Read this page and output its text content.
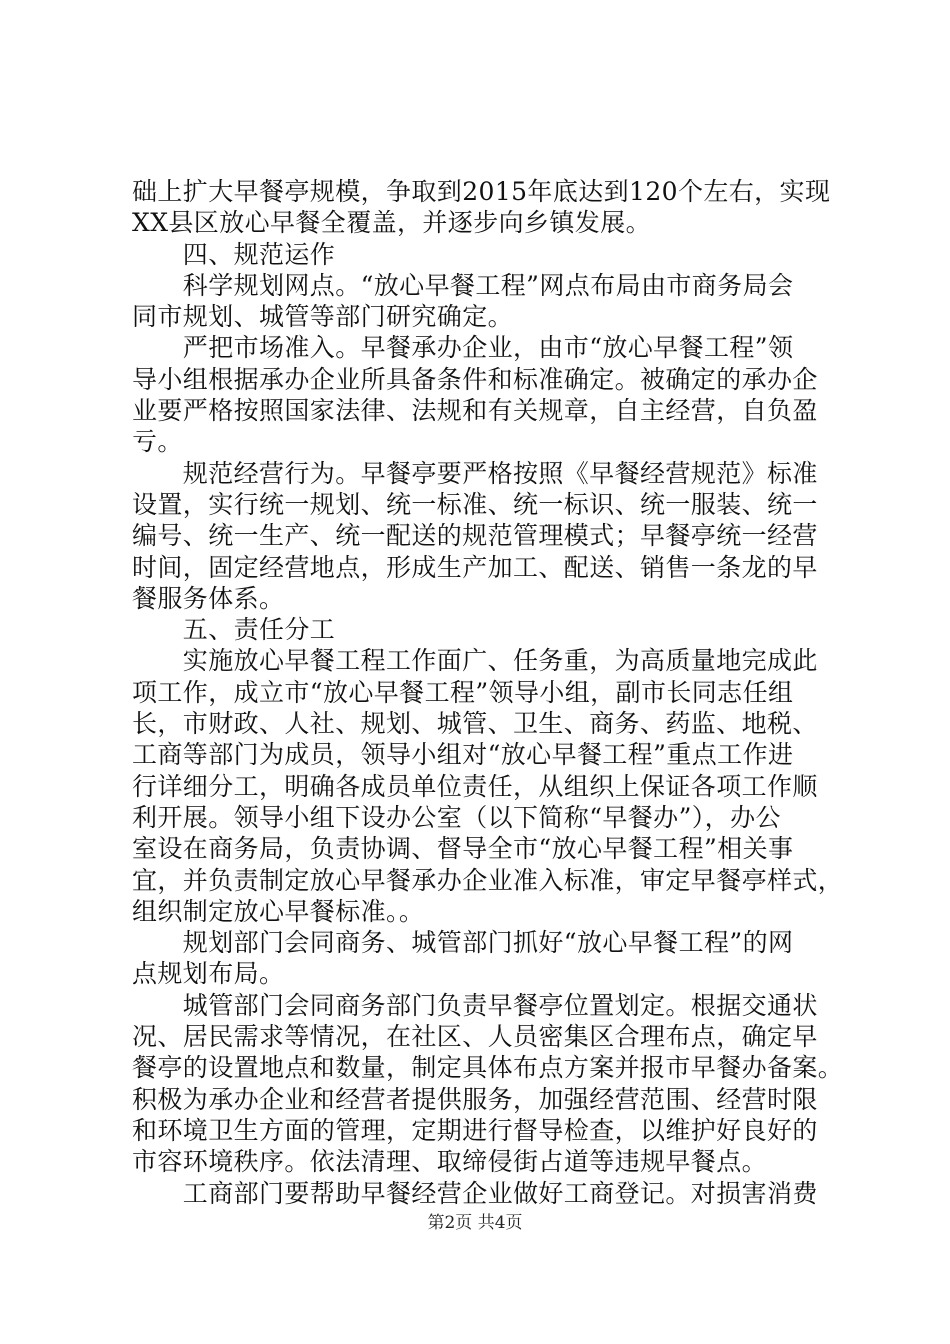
础上扩大早餐亭规模，争取到2015年底达到120个左右，实现
XX县区放心早餐全覆盖，并逐步向乡镇发展。
　　四、规范运作
　　科学规划网点。“放心早餐工程”网点布局由市商务局会
同市规划、城管等部门研究确定。
　　严把市场准入。早餐承办企业，由市“放心早餐工程”领
导小组根据承办企业所具备条件和标准确定。被确定的承办企
业要严格按照国家法律、法规和有关规章，自主经营，自负盈
亏。
　　规范经营行为。早餐亭要严格按照《早餐经营规范》标准
设置，实行统一规划、统一标准、统一标识、统一服装、统一
编号、统一生产、统一配送的规范管理模式；早餐亭统一经营
时间，固定经营地点，形成生产加工、配送、销售一条龙的早
餐服务体系。
　　五、责任分工
　　实施放心早餐工程工作面广、任务重，为高质量地完成此
项工作，成立市“放心早餐工程”领导小组，副市长同志任组
长，市财政、人社、规划、城管、卫生、商务、药监、地税、
工商等部门为成员，领导小组对“放心早餐工程”重点工作进
行详细分工，明确各成员单位责任，从组织上保证各项工作顺
利开展。领导小组下设办公室（以下简称“早餐办”），办公
室设在商务局，负责协调、督导全市“放心早餐工程”相关事
宜，并负责制定放心早餐承办企业准入标准，审定早餐亭样式，
组织制定放心早餐标准。。
　　规划部门会同商务、城管部门抓好“放心早餐工程”的网
点规划布局。
　　城管部门会同商务部门负责早餐亭位置划定。根据交通状
况、居民需求等情况，在社区、人员密集区合理布点，确定早
餐亭的设置地点和数量，制定具体布点方案并报市早餐办备案。
积极为承办企业和经营者提供服务，加强经营范围、经营时限
和环境卫生方面的管理，定期进行督导检查，以维护好良好的
市容环境秩序。依法清理、取缔侵街占道等违规早餐点。
　　工商部门要帮助早餐经营企业做好工商登记。对损害消费
第2页 共4页
